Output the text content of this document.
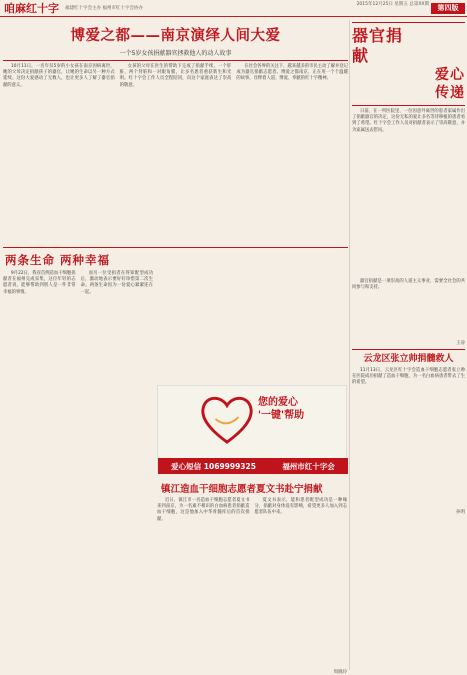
咱麻红十字 福建红十字会主办 福州市红十字会协办
2015年12月25日 星期五 总第XX期	第四版
博爱之都——南京演绎人间大爱
一个5岁女孩捐献器官拯救他人的动人故事
10月11日，一名年仅5岁的小女孩在南京因病离世，她的父母决定捐献孩子的器官，让她的生命以另一种方式延续。这份大爱感动了无数人，也让更多人了解了器官捐献的意义。
女孩的父母在医生的帮助下完成了捐献手续，一个肝脏、两个肾脏和一对眼角膜，让多名患者重获新生和光明。红十字会工作人员全程陪同，向这个家庭表达了崇高的敬意。
在社会各界的关注下，越来越多的市民主动了解并登记成为器官捐献志愿者。博爱之都南京，正在用一个个温暖的故事，诠释着人道、博爱、奉献的红十字精神。
两条生命 两种幸福
9月22日，我省首例造血干细胞捐献者在福州完成采集，这位年轻的志愿者说，能够帮助到别人是一件非常幸福的事情。
而另一位受捐者在得知配型成功后，激动地表示要好好珍惜第二次生命。两条生命因为一份爱心紧紧连在一起。
您的爱心
'一键'帮助
爱心短信 1069999325	福州市红十字会
镇江造血干细胞志愿者夏文书赴宁捐献
近日，镇江市一名造血干细胞志愿者夏文书来到南京，为一名素不相识的白血病患者捐献造血干细胞，这是他加入中华骨髓库后的首次捐献。
夏文书表示，能和患者配型成功是一种缘分，捐献对身体没有影响，希望更多人加入到志愿者队伍中来。
周晓玲
器官捐
献
爱心
传递
日前，在一所医院里，一位因意外离世的患者家属作出了捐献器官的决定，这份无私的爱让多名等待移植的患者看到了希望。红十字会工作人员对捐献者表示了崇高敬意，并为家属送去慰问。
器官捐献是一项崇高的人道主义事业，需要全社会的共同参与和支持。
王涛
云龙区张立帅捐髓救人
11月13日，云龙区红十字会造血干细胞志愿者张立帅在医院成功捐献了造血干细胞，为一名白血病患者带去了生的希望。
孙明
